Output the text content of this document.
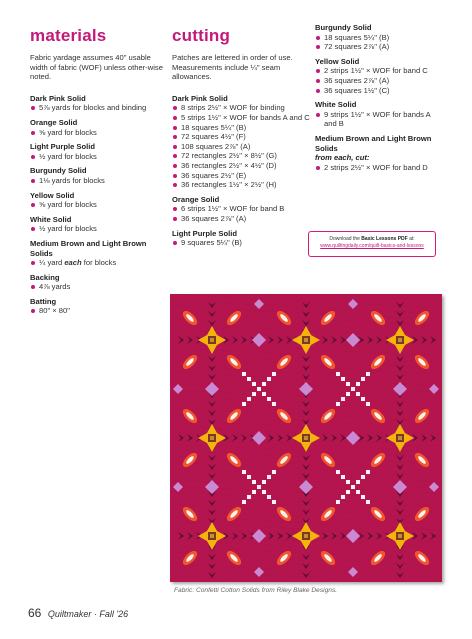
materials

Fabric yardage assumes 40" usable width of fabric (WOF) unless other-wise noted.

Dark Pink Solid

5⅞ yards for blocks and binding

Orange Solid

⅝ yard for blocks

Light Purple Solid

½ yard for blocks

Burgundy Solid

1⅛ yards for blocks

Yellow Solid

⅝ yard for blocks

White Solid

½ yard for blocks

Medium Brown and Light Brown Solids

¼ yard each for blocks

Backing

4⅞ yards

Batting

80" × 80"
cutting

Patches are lettered in order of use. Measurements include ¼" seam allowances.

Dark Pink Solid

8 strips 2½" × WOF for binding
5 strips 1½" × WOF for bands A and C
18 squares 5¼" (B)
72 squares 4½" (F)
108 squares 2⅞" (A)
72 rectangles 2½" × 8½" (G)
36 rectangles 2½" × 4½" (D)
36 squares 2½" (E)
36 rectangles 1½" × 2½" (H)

Orange Solid

6 strips 1½" × WOF for band B
36 squares 2⅞" (A)

Light Purple Solid

9 squares 5¼" (B)

Burgundy Solid

18 squares 5¼" (B)
72 squares 2⅞" (A)

Yellow Solid

2 strips 1½" × WOF for band C
36 squares 2⅞" (A)
36 squares 1½" (C)

White Solid

9 strips 1½" × WOF for bands A and B

Medium Brown and Light Brown Solids

from each, cut:

2 strips 2½" × WOF for band D
Download the Basic Lessons PDF at:
www.quiltingdaily.com/quilt-basics-and-lessons
Fabric: Confetti Cotton Solids from Riley Blake Designs.
66 Quiltmaker · Fall '26
